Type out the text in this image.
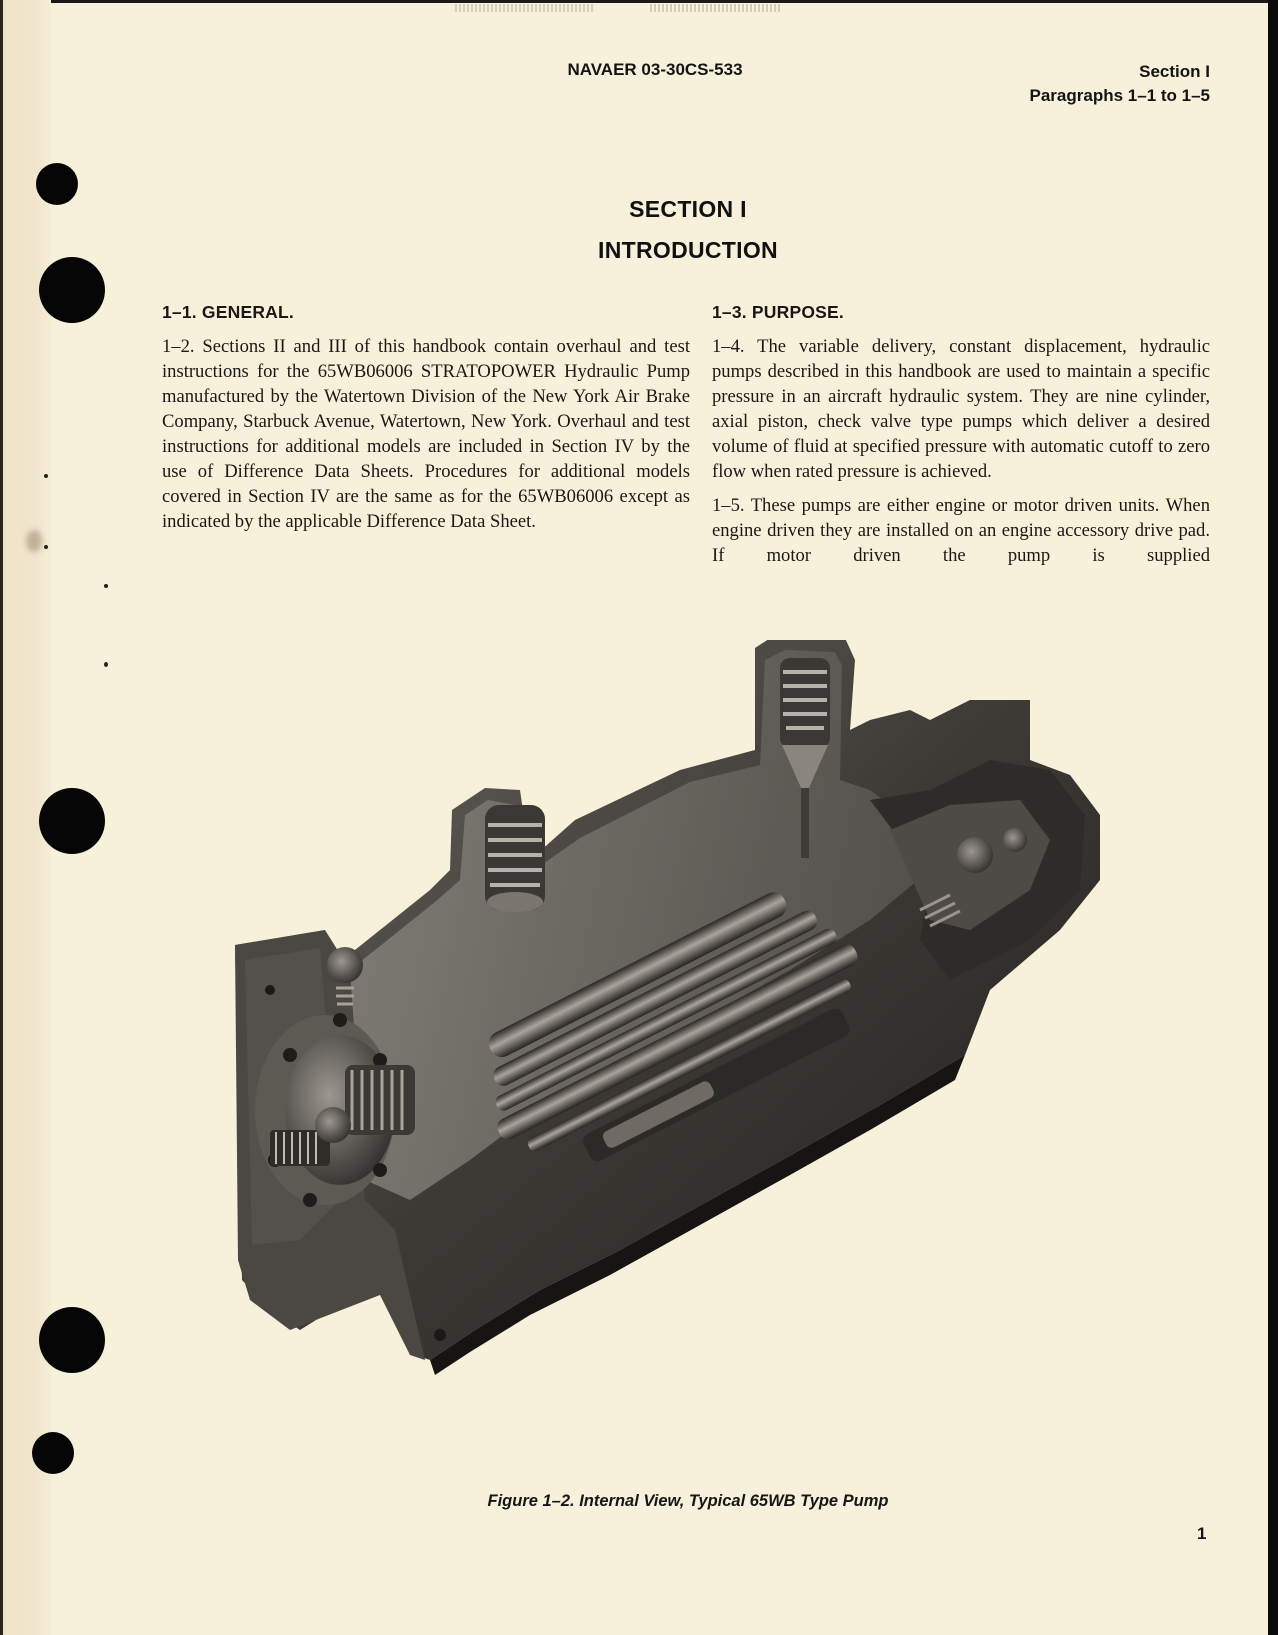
NAVAER 03-30CS-533	Section I
Paragraphs 1–1 to 1–5
SECTION I
INTRODUCTION
1–1. GENERAL.

1–2. Sections II and III of this handbook contain overhaul and test instructions for the 65WB06006 STRATOPOWER Hydraulic Pump manufactured by the Watertown Division of the New York Air Brake Company, Starbuck Avenue, Watertown, New York. Overhaul and test instructions for additional models are included in Section IV by the use of Difference Data Sheets. Procedures for additional models covered in Section IV are the same as for the 65WB06006 except as indicated by the applicable Difference Data Sheet.

1–3. PURPOSE.

1–4. The variable delivery, constant displacement, hydraulic pumps described in this handbook are used to maintain a specific pressure in an aircraft hydraulic system. They are nine cylinder, axial piston, check valve type pumps which deliver a desired volume of fluid at specified pressure with automatic cutoff to zero flow when rated pressure is achieved.

1–5. These pumps are either engine or motor driven units. When engine driven they are installed on an engine accessory drive pad. If motor driven the pump is supplied

Figure 1–2. Internal View, Typical 65WB Type Pump
1
